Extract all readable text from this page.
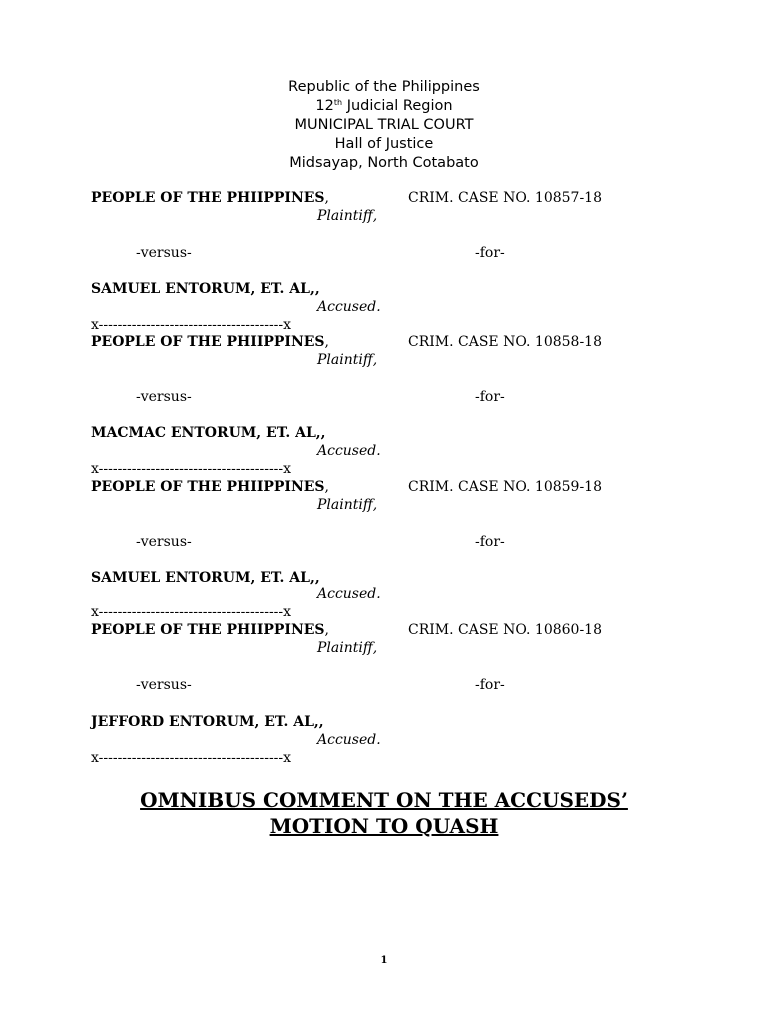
Republic of the Philippines
12th Judicial Region
MUNICIPAL TRIAL COURT
Hall of Justice
Midsayap, North Cotabato
PEOPLE OF THE PHIIPPINES,	CRIM. CASE NO. 10857-18
Plaintiff,
-versus-	-for-
SAMUEL ENTORUM, ET. AL,,
Accused.
x---------------------------------------x
PEOPLE OF THE PHIIPPINES,	CRIM. CASE NO. 10858-18
Plaintiff,
-versus-	-for-
MACMAC ENTORUM, ET. AL,,
Accused.
x---------------------------------------x
PEOPLE OF THE PHIIPPINES,	CRIM. CASE NO. 10859-18
Plaintiff,
-versus-	-for-
SAMUEL ENTORUM, ET. AL,,
Accused.
x---------------------------------------x
PEOPLE OF THE PHIIPPINES,	CRIM. CASE NO. 10860-18
Plaintiff,
-versus-	-for-
JEFFORD ENTORUM, ET. AL,,
Accused.
x---------------------------------------x
OMNIBUS COMMENT ON THE ACCUSEDS’
MOTION TO QUASH
1
